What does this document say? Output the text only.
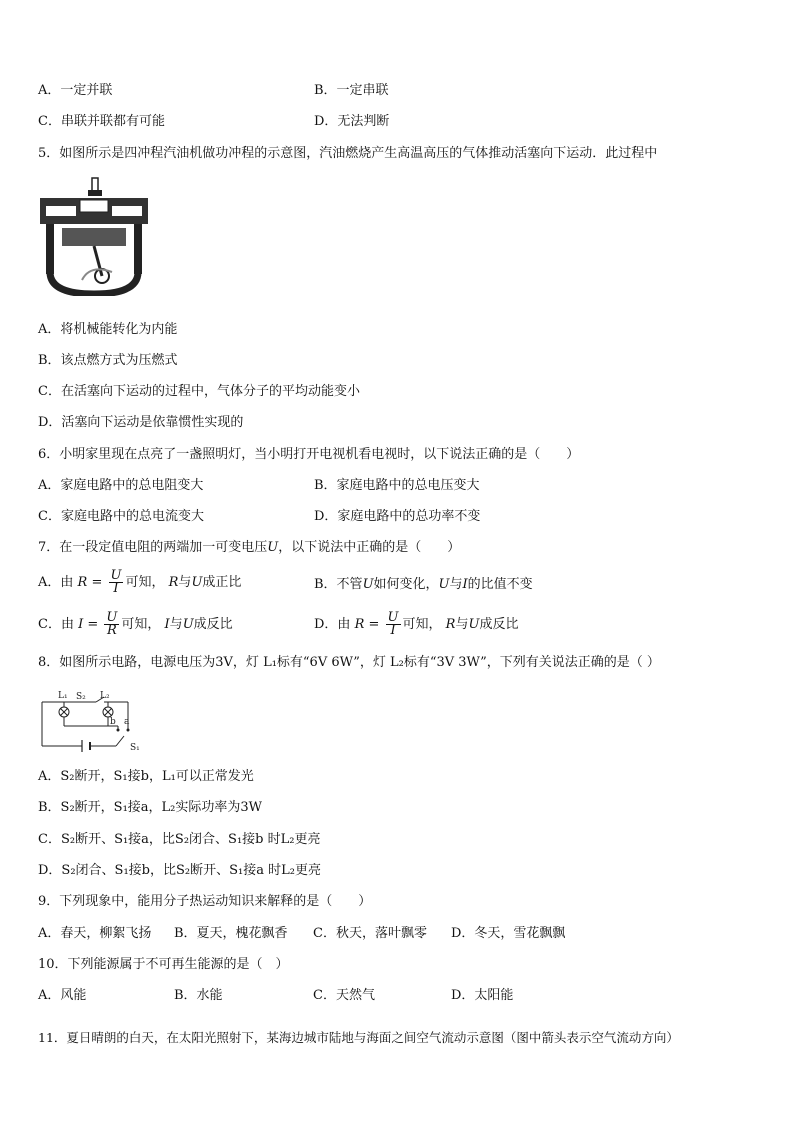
A．一定并联	B．一定串联
C．串联并联都有可能	D．无法判断
5．如图所示是四冲程汽油机做功冲程的示意图，汽油燃烧产生高温高压的气体推动活塞向下运动．此过程中
A．将机械能转化为内能
B．该点燃方式为压燃式
C．在活塞向下运动的过程中，气体分子的平均动能变小
D．活塞向下运动是依靠惯性实现的
6．小明家里现在点亮了一盏照明灯，当小明打开电视机看电视时，以下说法正确的是（　　）
A．家庭电路中的总电阻变大	B．家庭电路中的总电压变大
C．家庭电路中的总电流变大	D．家庭电路中的总功率不变
7．在一段定值电阻的两端加一可变电压U，以下说法中正确的是（　　）
A．由 $R = \frac{U}{I}$ 可知， R与U成正比	B．不管U如何变化，U与I的比值不变
C．由 $I = \frac{U}{R}$ 可知， I与U成反比	D．由 $R = \frac{U}{I}$ 可知， R与U成反比
8．如图所示电路，电源电压为3V，灯 L₁标有“6V 6W”，灯 L₂标有“3V 3W”，下列有关说法正确的是（ ）
L₁ S₂ L₂
b a
S₁
A．S₂断开，S₁接b，L₁可以正常发光
B．S₂断开，S₁接a，L₂实际功率为3W
C．S₂断开、S₁接a，比S₂闭合、S₁接b 时L₂更亮
D．S₂闭合、S₁接b，比S₂断开、S₁接a 时L₂更亮
9．下列现象中，能用分子热运动知识来解释的是（　　）
A．春天，柳絮飞扬 B．夏天，槐花飘香 C．秋天，落叶飘零 D．冬天，雪花飘飘
10．下列能源属于不可再生能源的是（　）
A．风能	B．水能	C．天然气	D．太阳能
11．夏日晴朗的白天，在太阳光照射下，某海边城市陆地与海面之间空气流动示意图（图中箭头表示空气流动方向）
